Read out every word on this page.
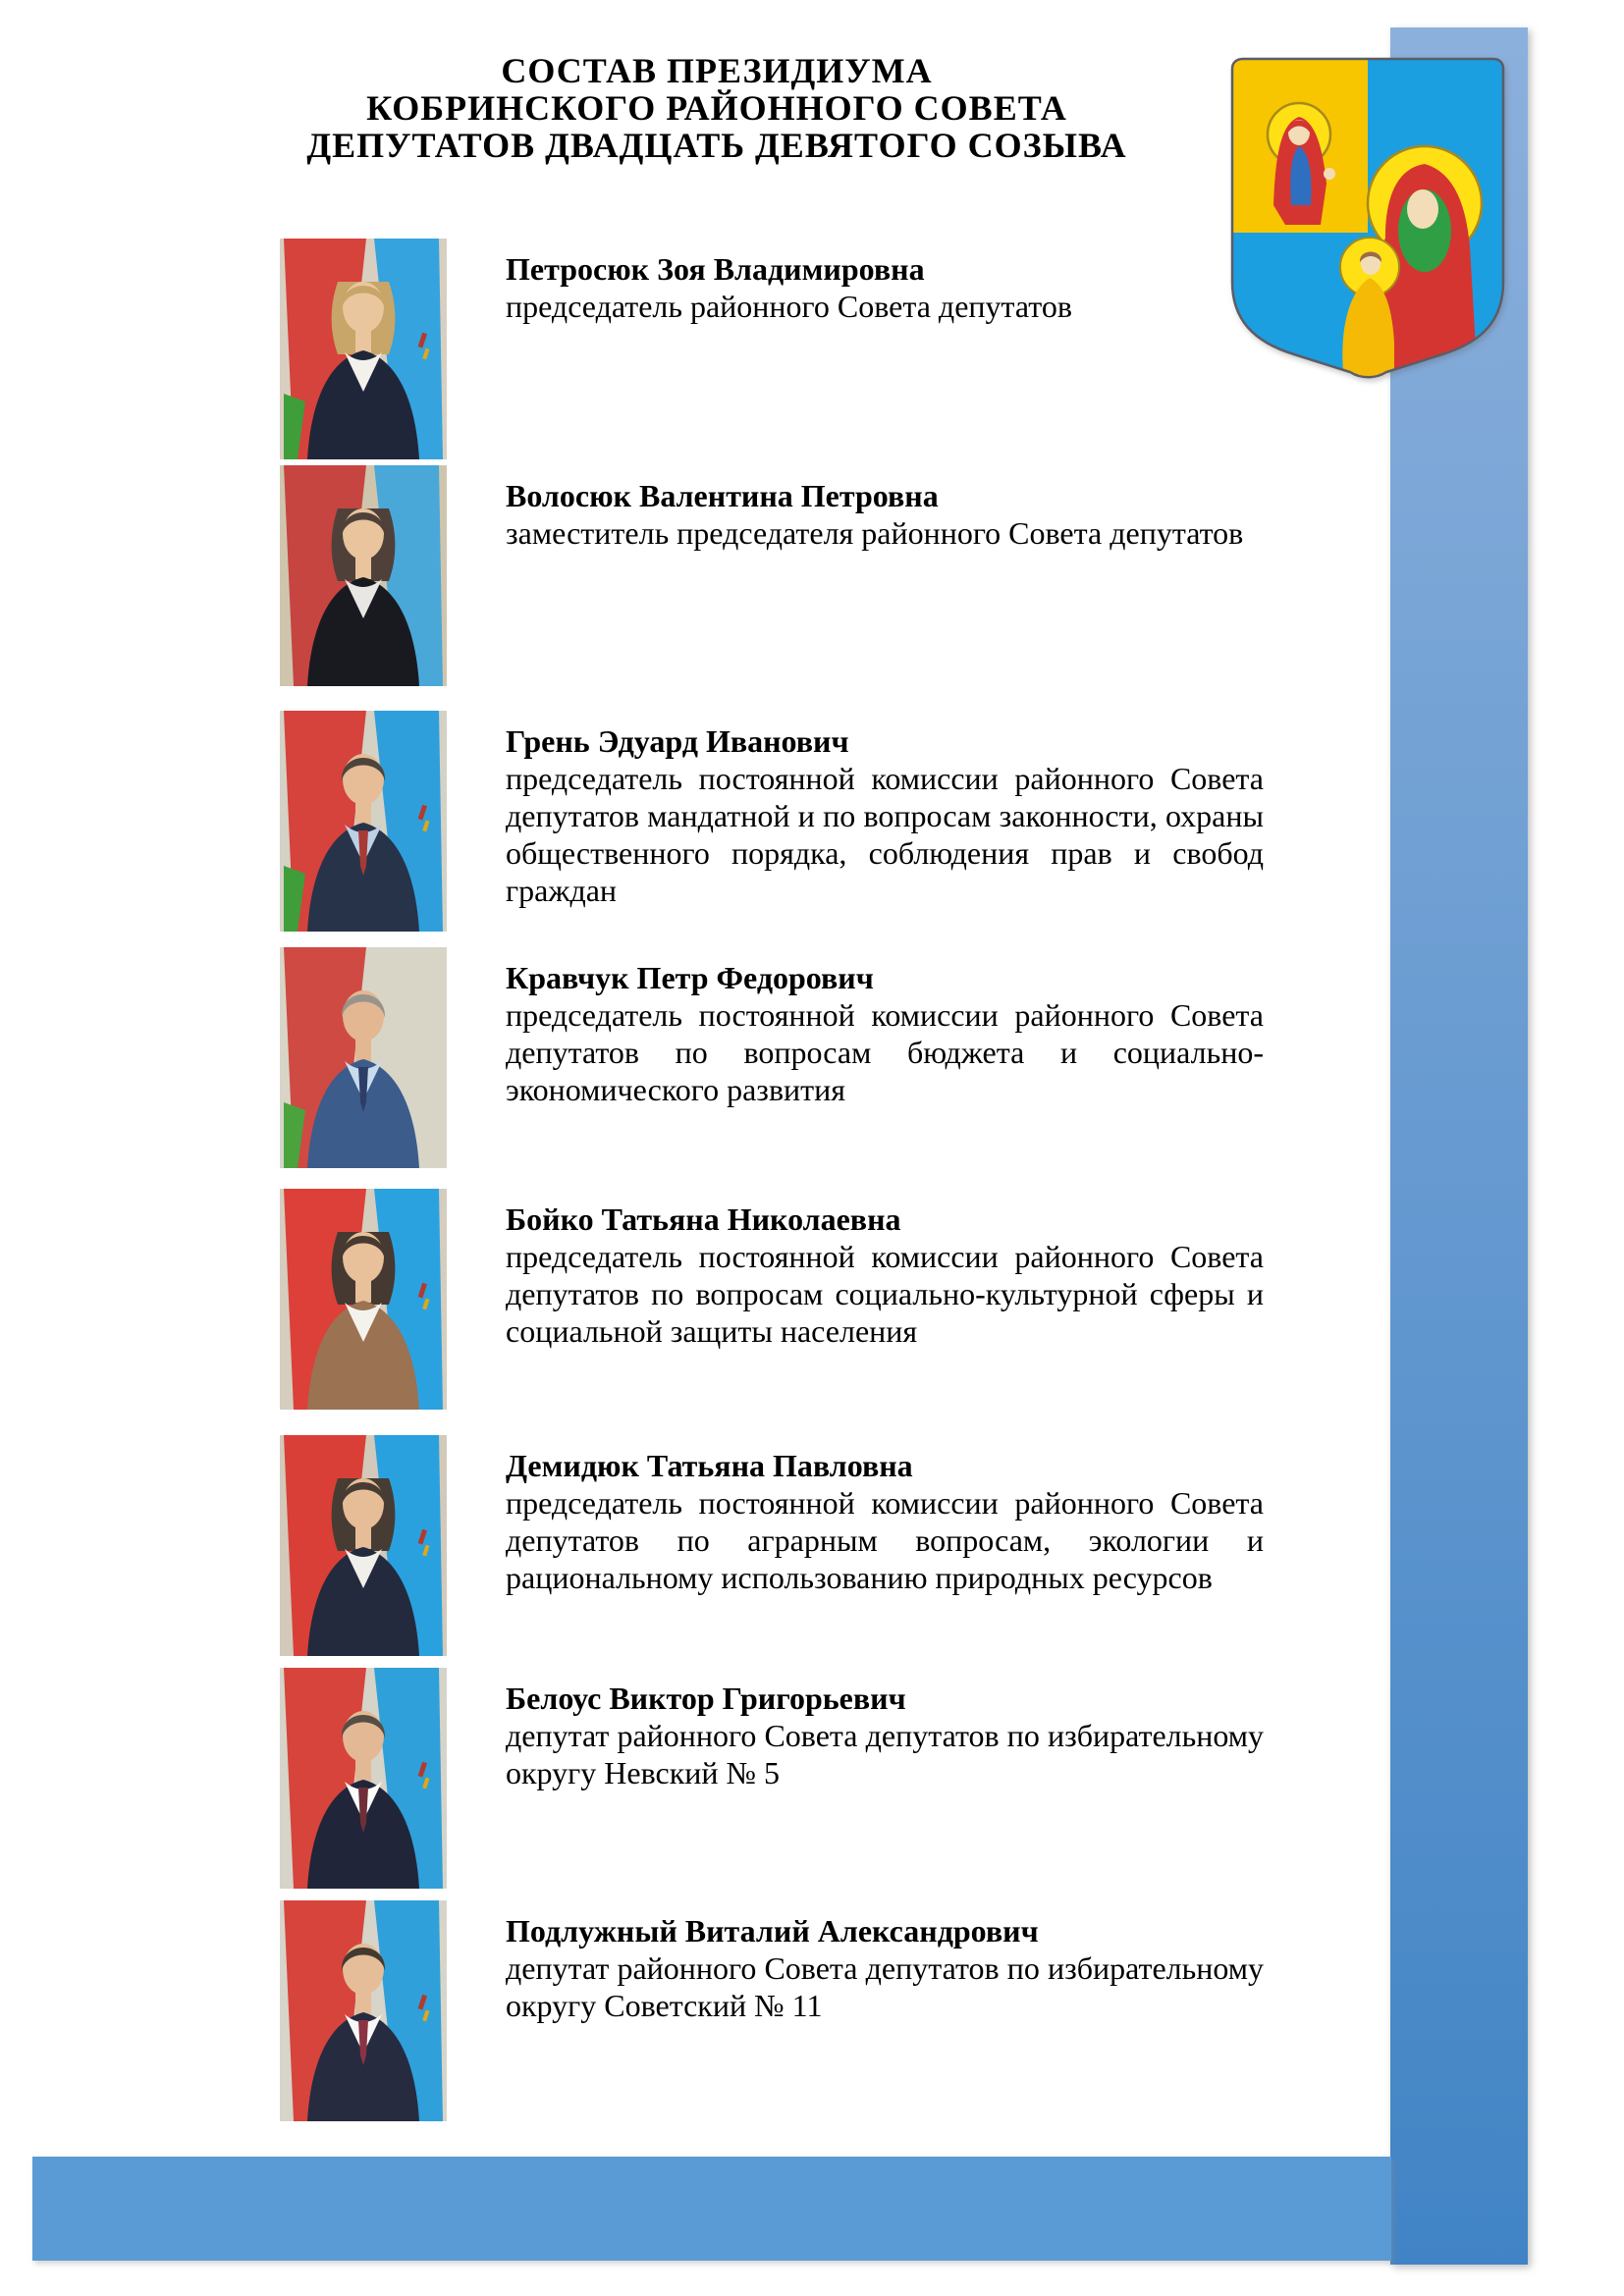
СОСТАВ ПРЕЗИДИУМА
КОБРИНСКОГО РАЙОННОГО СОВЕТА
ДЕПУТАТОВ ДВАДЦАТЬ ДЕВЯТОГО СОЗЫВА
Петросюк Зоя Владимировна
председатель районного Совета депутатов
Волосюк Валентина Петровна
заместитель председателя районного Совета депутатов
Грень Эдуард Иванович
председатель постоянной комиссии районного Совета депутатов мандатной и по вопросам законности, охраны общественного порядка, соблюдения прав и свобод граждан
Кравчук Петр Федорович
председатель постоянной комиссии районного Совета депутатов по вопросам бюджета и социально-экономического развития
Бойко Татьяна Николаевна
председатель постоянной комиссии районного Совета депутатов по вопросам социально-культурной сферы и социальной защиты населения
Демидюк Татьяна Павловна
председатель постоянной комиссии районного Совета депутатов по аграрным вопросам, экологии и рациональному использованию природных ресурсов
Белоус Виктор Григорьевич
депутат районного Совета депутатов по избирательному округу Невский № 5
Подлужный Виталий Александрович
депутат районного Совета депутатов по избирательному округу Советский № 11
